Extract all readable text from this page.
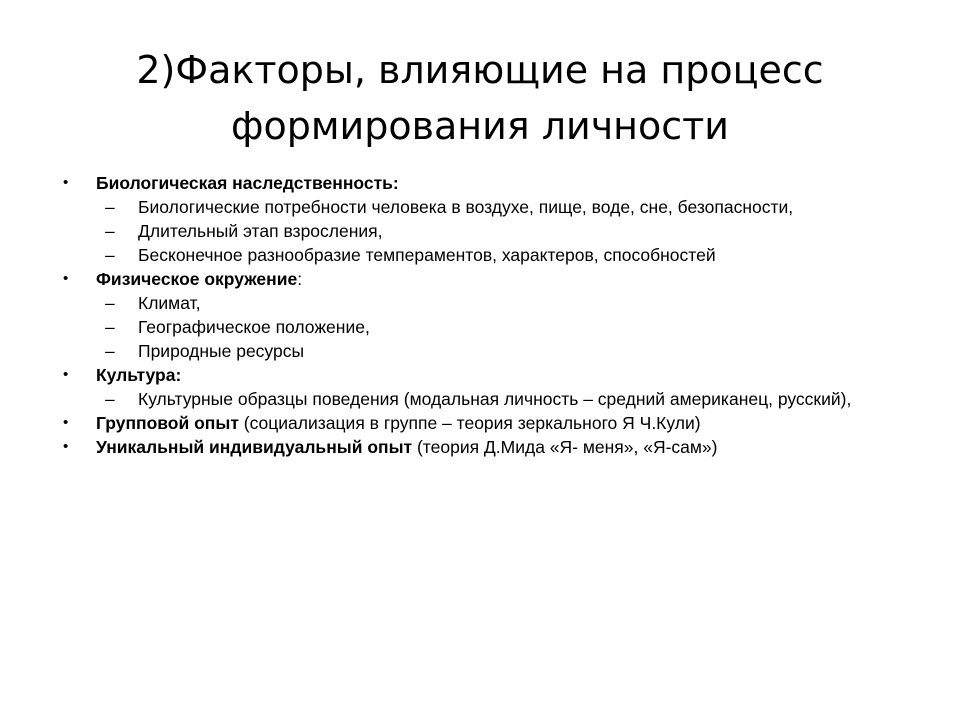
2)Факторы, влияющие на процесс
формирования личности
• Биологическая наследственность:
– Биологические потребности человека в воздухе, пище, воде, сне, безопасности,
– Длительный этап взросления,
– Бесконечное разнообразие темпераментов, характеров, способностей
• Физическое окружение:
– Климат,
– Географическое положение,
– Природные ресурсы
• Культура:
– Культурные образцы поведения (модальная личность – средний американец, русский),
• Групповой опыт (социализация в группе – теория зеркального Я Ч.Кули)
• Уникальный индивидуальный опыт (теория Д.Мида «Я- меня», «Я-сам»)
